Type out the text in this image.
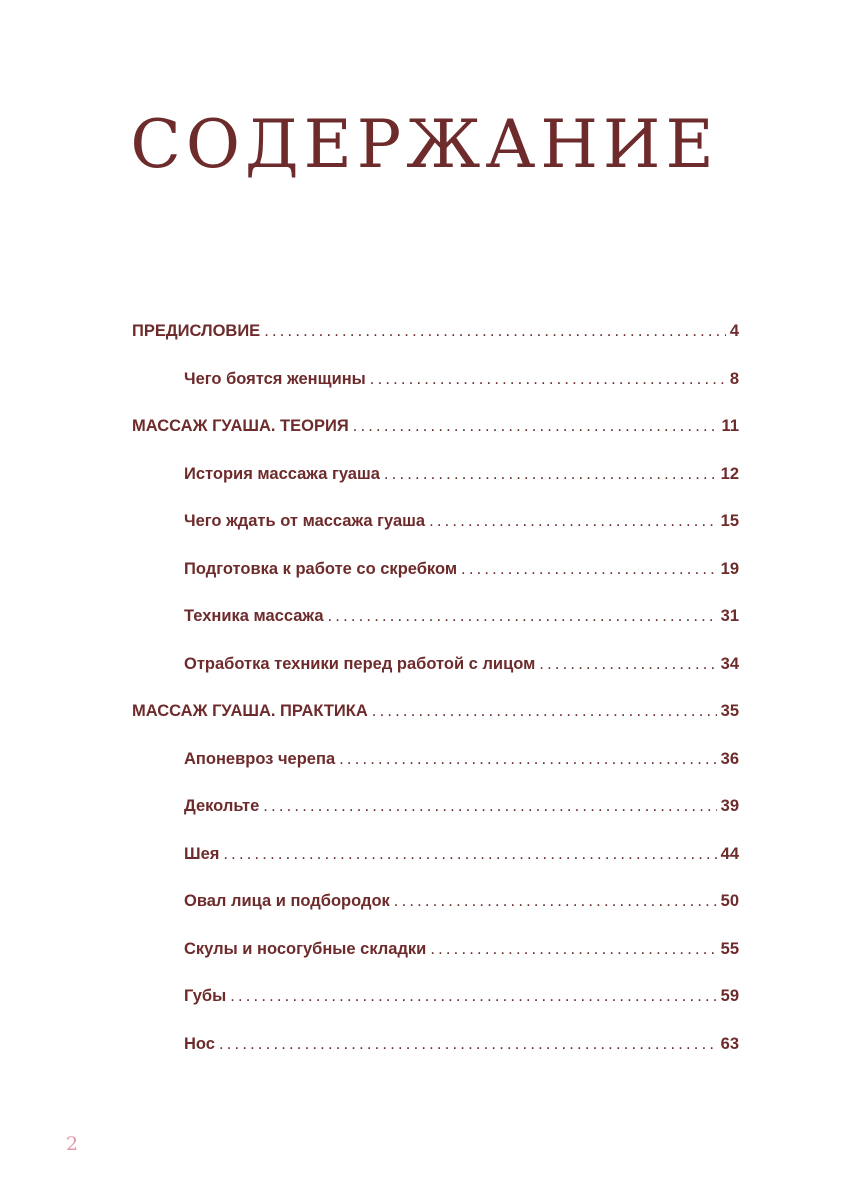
СОДЕРЖАНИЕ
ПРЕДИСЛОВИЕ .....	4
Чего боятся женщины .....	8
МАССАЖ ГУАША. ТЕОРИЯ .....	11
История массажа гуаша .....	12
Чего ждать от массажа гуаша .....	15
Подготовка к работе со скребком .....	19
Техника массажа .....	31
Отработка техники перед работой с лицом .....	34
МАССАЖ ГУАША. ПРАКТИКА .....	35
Апоневроз черепа .....	36
Декольте .....	39
Шея .....	44
Овал лица и подбородок .....	50
Скулы и носогубные складки .....	55
Губы .....	59
Нос .....	63
2
